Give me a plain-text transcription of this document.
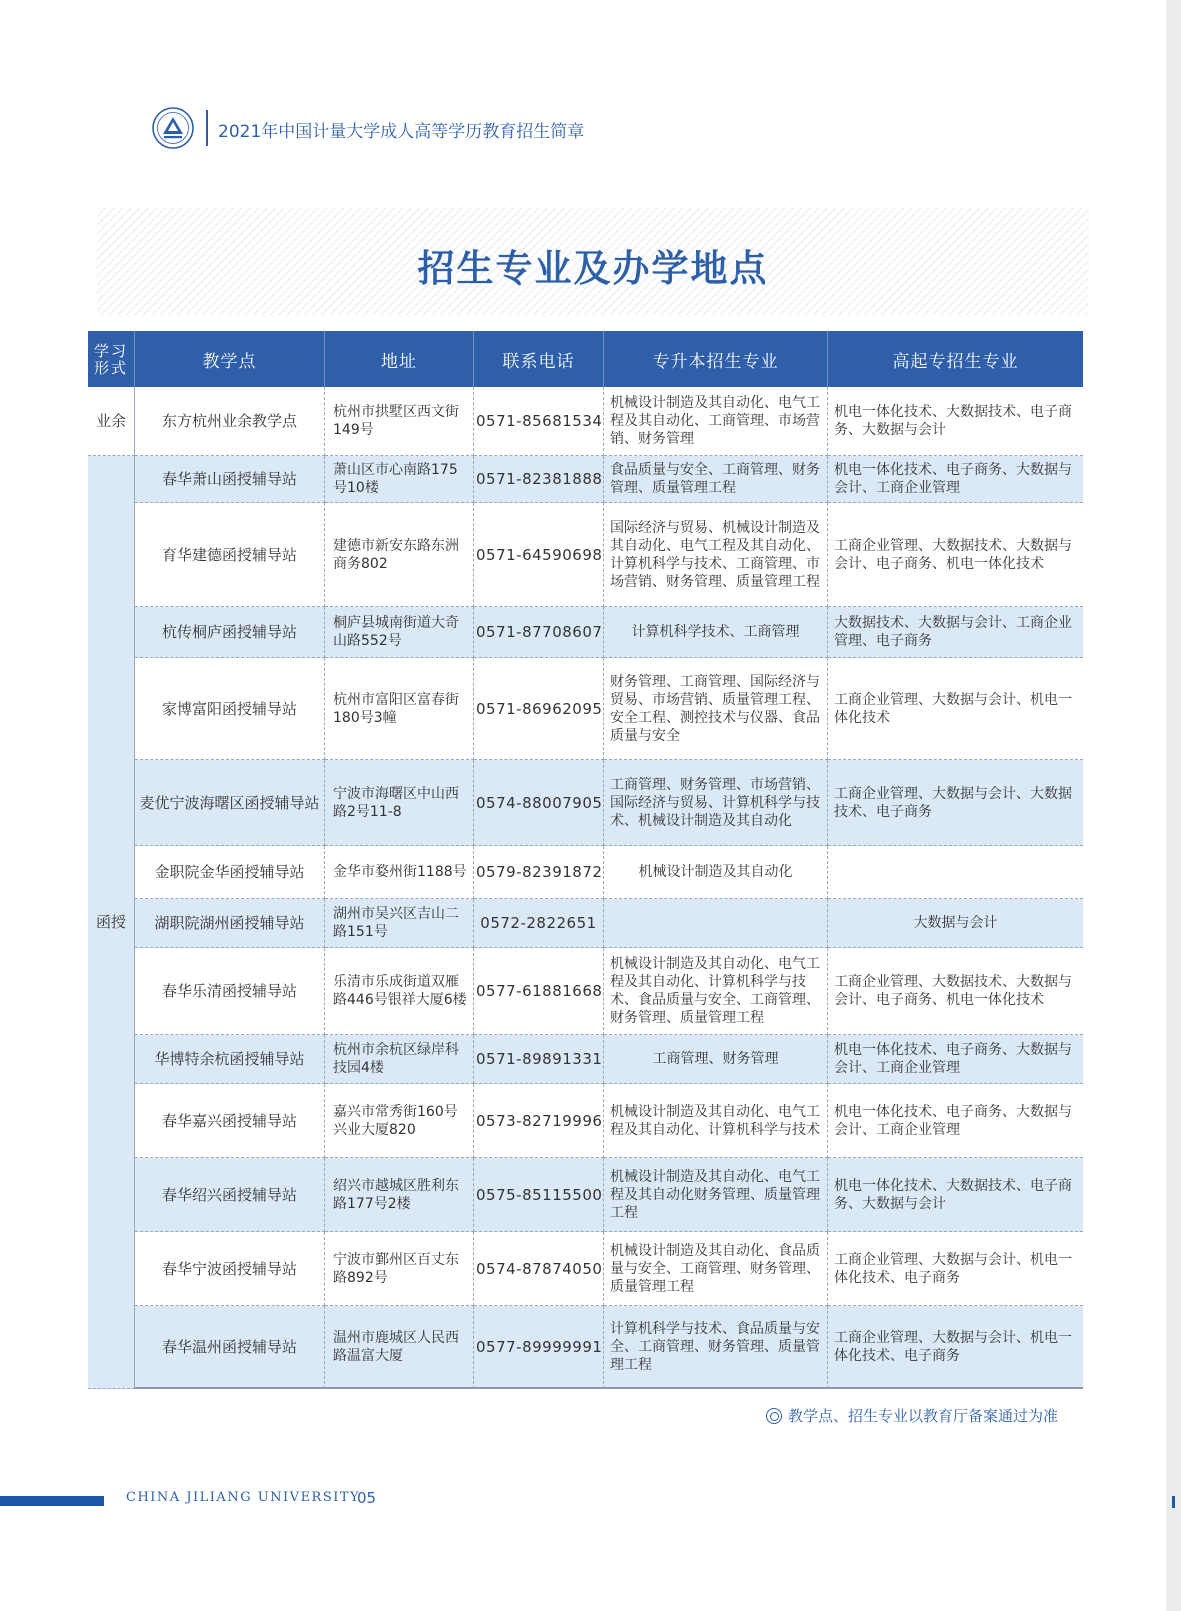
2021年中国计量大学成人高等学历教育招生简章
招生专业及办学地点
学习形式	教学点	地址	联系电话	专升本招生专业	高起专招生专业
业余	东方杭州业余教学点	杭州市拱墅区西文街149号	0571-85681534	机械设计制造及其自动化、电气工程及其自动化、工商管理、市场营销、财务管理	机电一体化技术、大数据技术、电子商务、大数据与会计
函授	春华萧山函授辅导站	萧山区市心南路175号10楼	0571-82381888	食品质量与安全、工商管理、财务管理、质量管理工程	机电一体化技术、电子商务、大数据与会计、工商企业管理
	育华建德函授辅导站	建德市新安东路东洲商务802	0571-64590698	国际经济与贸易、机械设计制造及其自动化、电气工程及其自动化、计算机科学与技术、工商管理、市场营销、财务管理、质量管理工程	工商企业管理、大数据技术、大数据与会计、电子商务、机电一体化技术
	杭传桐庐函授辅导站	桐庐县城南街道大奇山路552号	0571-87708607	计算机科学技术、工商管理	大数据技术、大数据与会计、工商企业管理、电子商务
	家博富阳函授辅导站	杭州市富阳区富春街180号3幢	0571-86962095	财务管理、工商管理、国际经济与贸易、市场营销、质量管理工程、安全工程、测控技术与仪器、食品质量与安全	工商企业管理、大数据与会计、机电一体化技术
	麦优宁波海曙区函授辅导站	宁波市海曙区中山西路2号11-8	0574-88007905	工商管理、财务管理、市场营销、国际经济与贸易、计算机科学与技术、机械设计制造及其自动化	工商企业管理、大数据与会计、大数据技术、电子商务
	金职院金华函授辅导站	金华市婺州街1188号	0579-82391872	机械设计制造及其自动化	
	湖职院湖州函授辅导站	湖州市吴兴区吉山二路151号	0572-2822651		大数据与会计
	春华乐清函授辅导站	乐清市乐成街道双雁路446号银祥大厦6楼	0577-61881668	机械设计制造及其自动化、电气工程及其自动化、计算机科学与技术、食品质量与安全、工商管理、财务管理、质量管理工程	工商企业管理、大数据技术、大数据与会计、电子商务、机电一体化技术
	华博特余杭函授辅导站	杭州市余杭区绿岸科技园4楼	0571-89891331	工商管理、财务管理	机电一体化技术、电子商务、大数据与会计、工商企业管理
	春华嘉兴函授辅导站	嘉兴市常秀街160号兴业大厦820	0573-82719996	机械设计制造及其自动化、电气工程及其自动化、计算机科学与技术	机电一体化技术、电子商务、大数据与会计、工商企业管理
	春华绍兴函授辅导站	绍兴市越城区胜利东路177号2楼	0575-85115500	机械设计制造及其自动化、电气工程及其自动化财务管理、质量管理工程	机电一体化技术、大数据技术、电子商务、大数据与会计
	春华宁波函授辅导站	宁波市鄞州区百丈东路892号	0574-87874050	机械设计制造及其自动化、食品质量与安全、工商管理、财务管理、质量管理工程	工商企业管理、大数据与会计、机电一体化技术、电子商务
	春华温州函授辅导站	温州市鹿城区人民西路温富大厦	0577-89999991	计算机科学与技术、食品质量与安全、工商管理、财务管理、质量管理工程	工商企业管理、大数据与会计、机电一体化技术、电子商务
教学点、招生专业以教育厅备案通过为准
CHINA JILIANG UNIVERSITY
05
